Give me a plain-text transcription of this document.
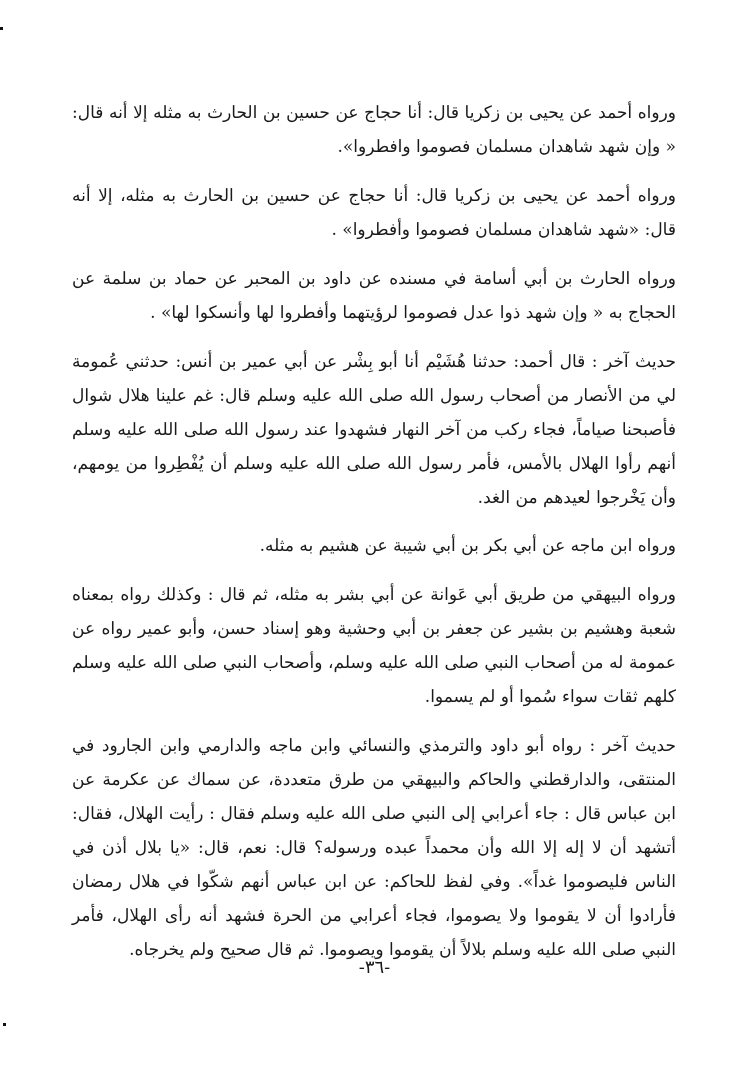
ورواه أحمد عن يحيى بن زكريا قال: أنا حجاج عن حسين بن الحارث به مثله إلا أنه قال: « وإن شهد شاهدان مسلمان فصوموا وافطروا».

ورواه أحمد عن يحيى بن زكريا قال: أنا حجاج عن حسين بن الحارث به مثله، إلا أنه قال: «شهد شاهدان مسلمان فصوموا وأفطروا» .

ورواه الحارث بن أبي أسامة في مسنده عن داود بن المحبر عن حماد بن سلمة عن الحجاج به « وإن شهد ذوا عدل فصوموا لرؤيتهما وأفطروا لها وأنسكوا لها» .

حديث آخر : قال أحمد: حدثنا هُشَيْم أنا أبو بِشْر عن أبي عمير بن أنس: حدثني عُمومة لي من الأنصار من أصحاب رسول الله صلى الله عليه وسلم قال: غم علينا هلال شوال فأصبحنا صياماً، فجاء ركب من آخر النهار فشهدوا عند رسول الله صلى الله عليه وسلم أنهم رأوا الهلال بالأمس، فأمر رسول الله صلى الله عليه وسلم أن يُفْطِروا من يومهم، وأن يَخْرجوا لعيدهم من الغد.

ورواه ابن ماجه عن أبي بكر بن أبي شيبة عن هشيم به مثله.

ورواه البيهقي من طريق أبي عَوانة عن أبي بشر به مثله، ثم قال : وكذلك رواه بمعناه شعبة وهشيم بن بشير عن جعفر بن أبي وحشية وهو إسناد حسن، وأبو عمير رواه عن عمومة له من أصحاب النبي صلى الله عليه وسلم، وأصحاب النبي صلى الله عليه وسلم كلهم ثقات سواء سُموا أو لم يسموا.

حديث آخر : رواه أبو داود والترمذي والنسائي وابن ماجه والدارمي وابن الجارود في المنتقى، والدارقطني والحاكم والبيهقي من طرق متعددة، عن سماك عن عكرمة عن ابن عباس قال : جاء أعرابي إلى النبي صلى الله عليه وسلم فقال : رأيت الهلال، فقال: أتشهد أن لا إله إلا الله وأن محمداً عبده ورسوله؟ قال: نعم، قال: «يا بلال أذن في الناس فليصوموا غداً». وفي لفظ للحاكم: عن ابن عباس أنهم شكّوا في هلال رمضان فأرادوا أن لا يقوموا ولا يصوموا، فجاء أعرابي من الحرة فشهد أنه رأى الهلال، فأمر النبي صلى الله عليه وسلم بلالاً أن يقوموا ويصوموا. ثم قال صحيح ولم يخرجاه.

-٣٦-
